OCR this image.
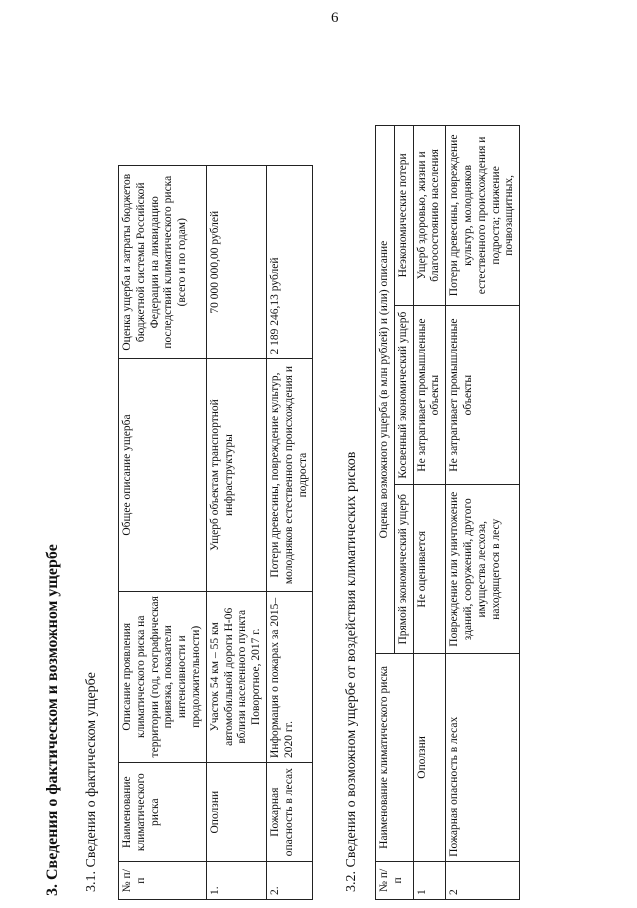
6
3. Сведения о фактическом и возможном ущербе 3.1. Сведения о фактическом ущербе № п/п	Наименование климатического риска	Описание проявления климатического риска на территории (год, географическая привязка, показатели интенсивности и продолжительности)	Общее описание ущерба	Оценка ущерба и затраты бюджетов бюджетной системы Российской Федерации на ликвидацию последствий климатического риска (всего и по годам)
1.	Оползни	Участок 54 км – 55 км автомобильной дороги Н-06 вблизи населенного пункта Поворотное, 2017 г.	Ущерб объектам транспортной инфраструктуры	70 000 000,00 рублей
2.	Пожарная опасность в лесах	Информация о пожарах за 2015–2020 гг.	Потери древесины, повреждение культур, молодняков естественного происхождения и подроста	2 189 246,13 рублей
3.2. Сведения о возможном ущербе от воздействия климатических рисков № п/п	Наименование климатического риска	Оценка возможного ущерба (в млн рублей) и (или) описание		
		Прямой экономический ущерб	Косвенный экономический ущерб	Неэкономические потери
1	Оползни	Не оценивается	Не затрагивает промышленные объекты	Ущерб здоровью, жизни и благосостоянию населения
2	Пожарная опасность в лесах	Повреждение или уничтожение зданий, сооружений, другого имущества лесхоза, находящегося в лесу	Не затрагивает промышленные объекты	Потери древесины, повреждение культур, молодняков естественного происхождения и подроста; снижение почвозащитных,
